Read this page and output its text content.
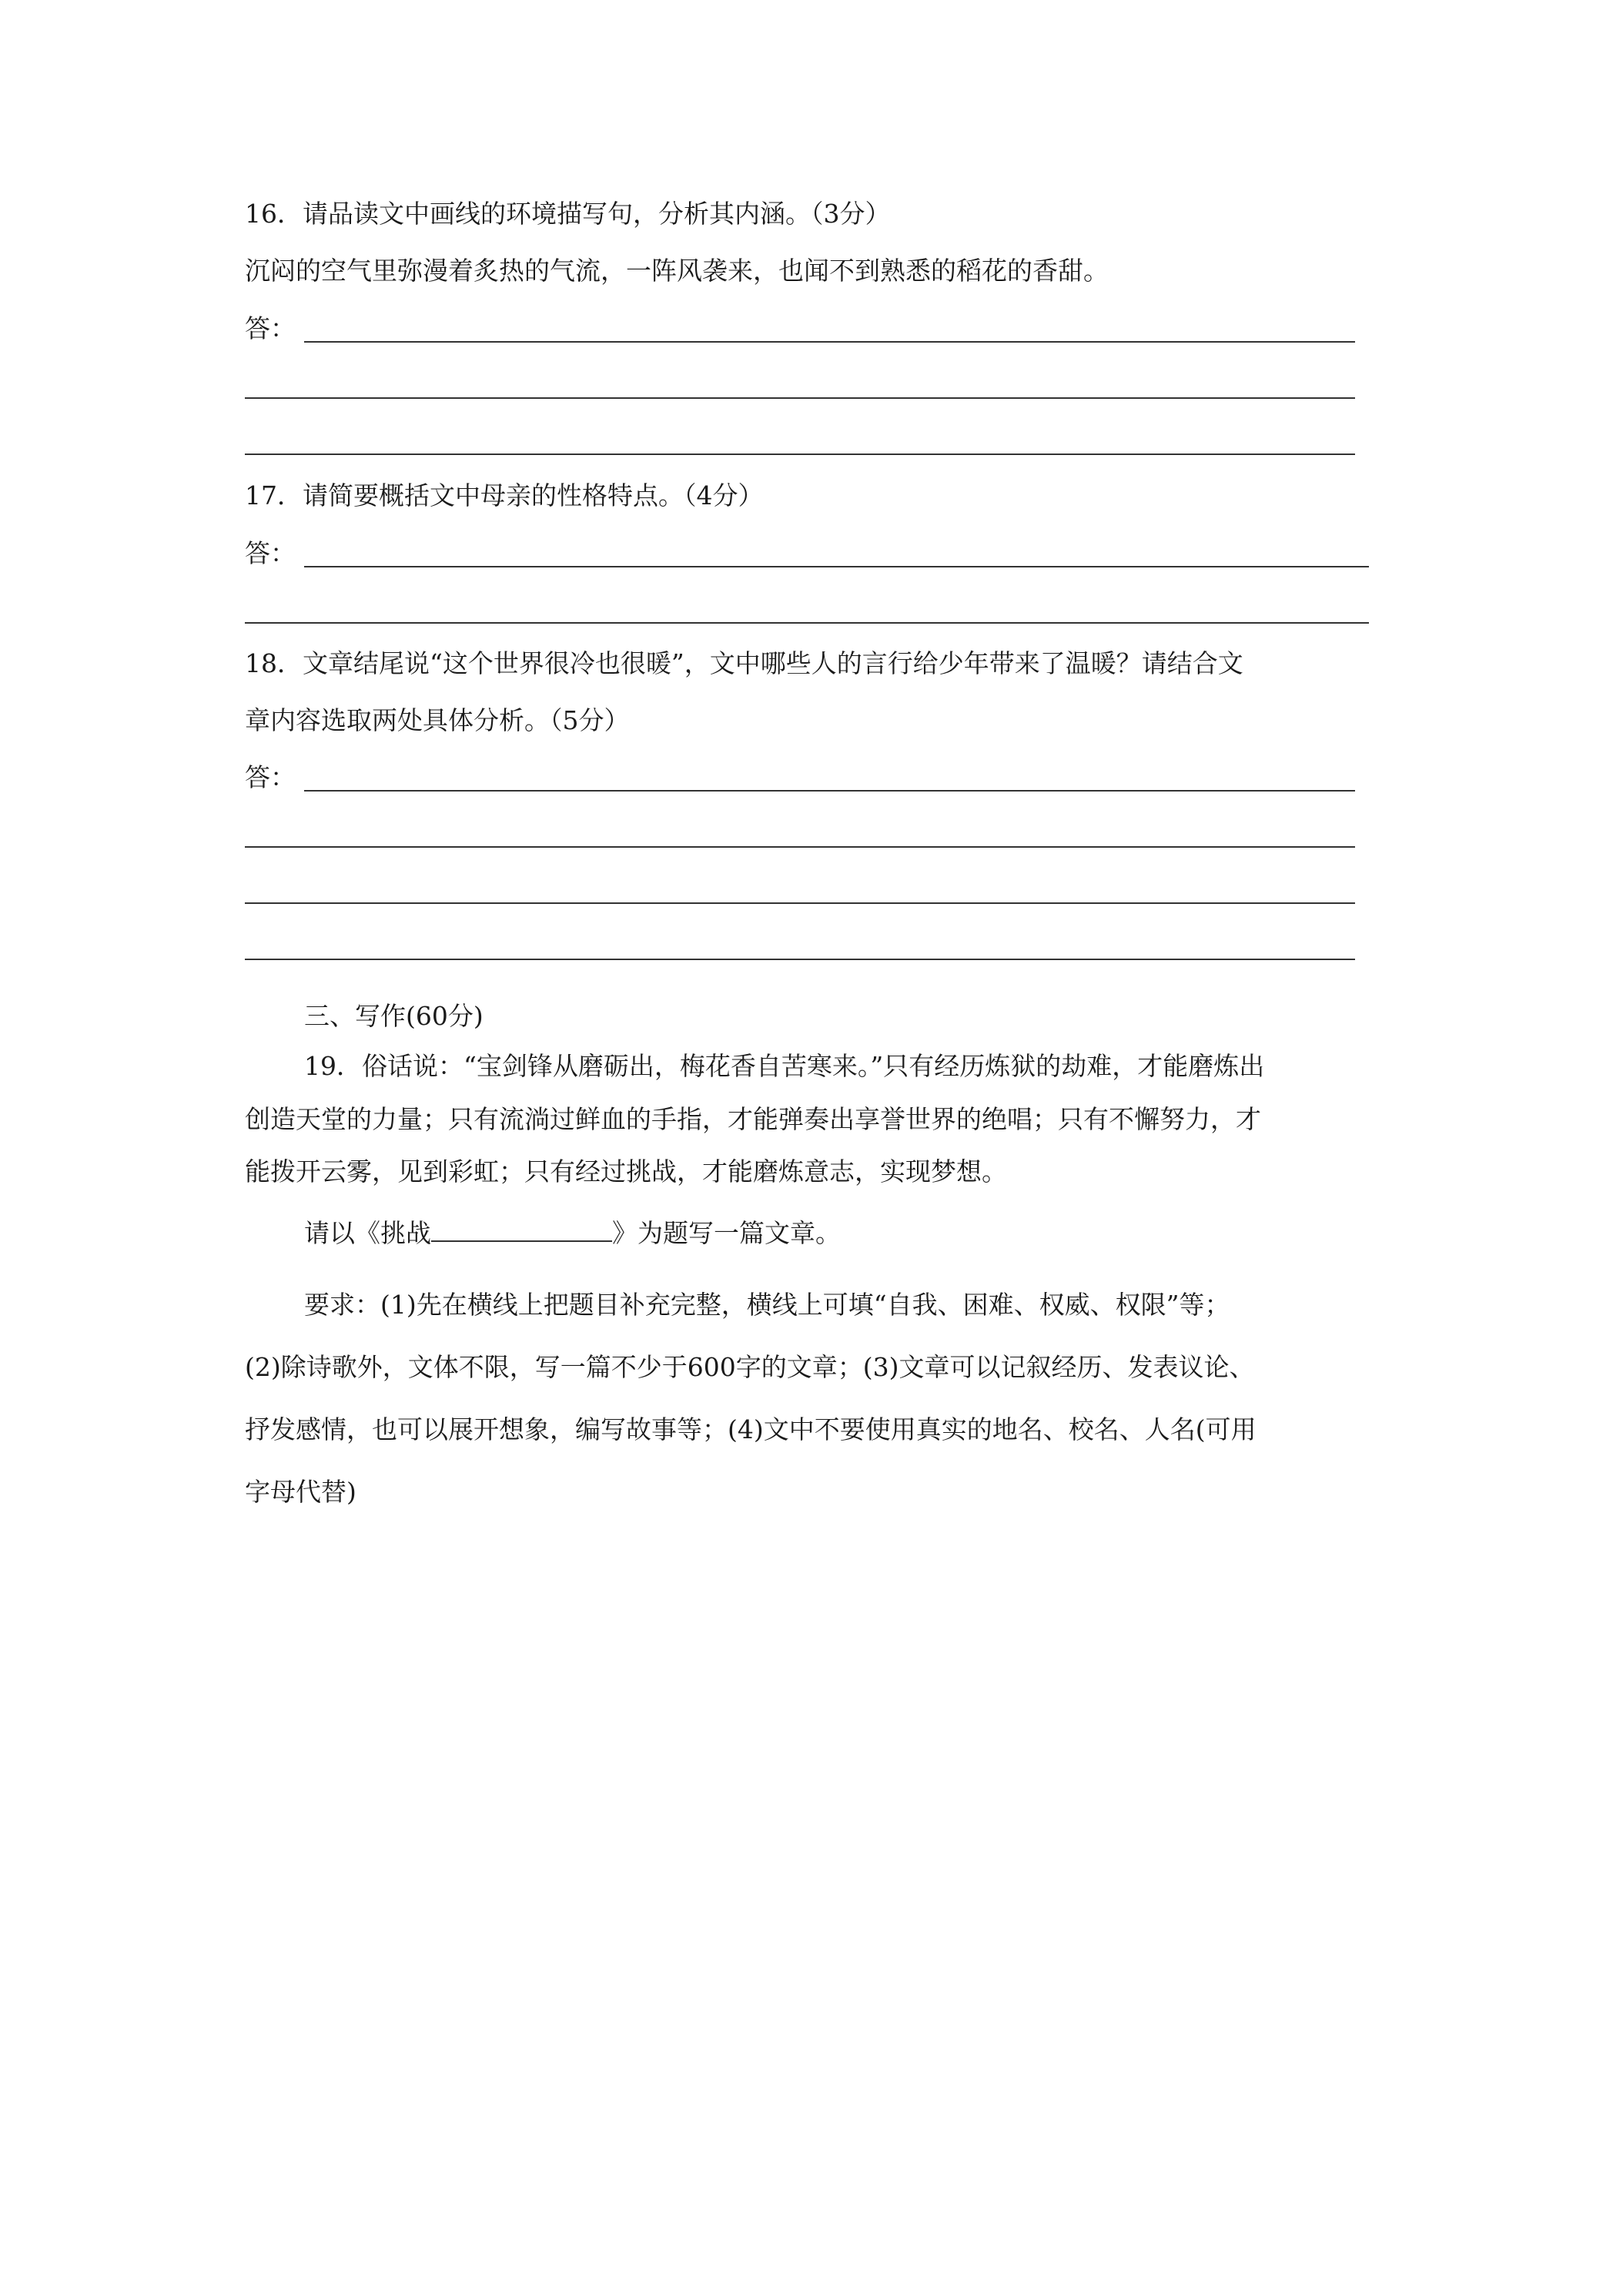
16．请品读文中画线的环境描写句，分析其内涵。（3分）
沉闷的空气里弥漫着炙热的气流，一阵风袭来，也闻不到熟悉的稻花的香甜。
答：
17．请简要概括文中母亲的性格特点。（4分）
答：
18．文章结尾说“这个世界很冷也很暖”，文中哪些人的言行给少年带来了温暖？请结合文
章内容选取两处具体分析。（5分）
答：
三、写作(60分)
19．俗话说：“宝剑锋从磨砺出，梅花香自苦寒来。”只有经历炼狱的劫难，才能磨炼出
创造天堂的力量；只有流淌过鲜血的手指，才能弹奏出享誉世界的绝唱；只有不懈努力，才
能拨开云雾，见到彩虹；只有经过挑战，才能磨炼意志，实现梦想。
请以《挑战	》为题写一篇文章。
要求：(1)先在横线上把题目补充完整，横线上可填“自我、困难、权威、权限”等；
(2)除诗歌外，文体不限，写一篇不少于600字的文章；(3)文章可以记叙经历、发表议论、
抒发感情，也可以展开想象，编写故事等；(4)文中不要使用真实的地名、校名、人名(可用
字母代替)
